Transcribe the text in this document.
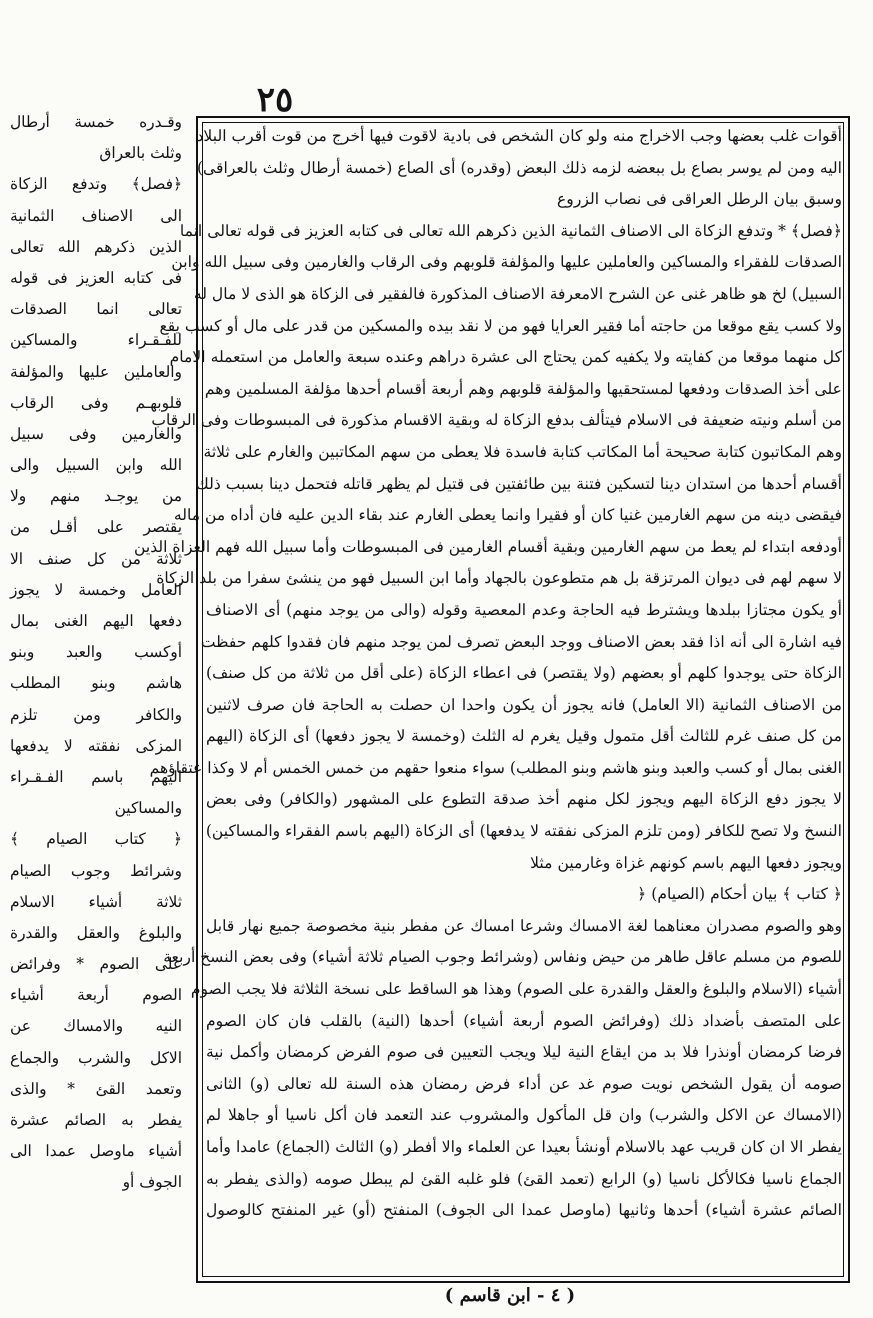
٢٥
أقوات غلب بعضها وجب الاخراج منه ولو كان الشخص فى بادية لاقوت فيها أخرج من قوت أقرب البلاد
اليه ومن لم يوسر بصاع بل ببعضه لزمه ذلك البعض (وقدره) أى الصاع (خمسة أرطال وثلث بالعراقى)
وسبق بيان الرطل العراقى فى نصاب الزروع
﴿فصل﴾ * وتدفع الزكاة الى الاصناف الثمانية الذين ذكرهم الله تعالى فى كتابه العزيز فى قوله تعالى انما
الصدقات للفقراء والمساكين والعاملين عليها والمؤلفة قلوبهم وفى الرقاب والغارمين وفى سبيل الله وابن
السبيل) لخ هو ظاهر غنى عن الشرح الامعرفة الاصناف المذكورة فالفقير فى الزكاة هو الذى لا مال له
ولا كسب يقع موقعا من حاجته أما فقير العرايا فهو من لا نقد بيده والمسكين من قدر على مال أو كسب يقع
كل منهما موقعا من كفايته ولا يكفيه كمن يحتاج الى عشرة دراهم وعنده سبعة والعامل من استعمله الامام
على أخذ الصدقات ودفعها لمستحقيها والمؤلفة قلوبهم وهم أربعة أقسام أحدها مؤلفة المسلمين وهم
من أسلم ونيته ضعيفة فى الاسلام فيتألف بدفع الزكاة له وبقية الاقسام مذكورة فى المبسوطات وفى الرقاب
وهم المكاتبون كتابة صحيحة أما المكاتب كتابة فاسدة فلا يعطى من سهم المكاتبين والغارم على ثلاثة
أقسام أحدها من استدان دينا لتسكين فتنة بين طائفتين فى قتيل لم يظهر قاتله فتحمل دينا بسبب ذلك
فيقضى دينه من سهم الغارمين غنيا كان أو فقيرا وانما يعطى الغارم عند بقاء الدين عليه فان أداه من ماله
أودفعه ابتداء لم يعط من سهم الغارمين وبقية أقسام الغارمين فى المبسوطات وأما سبيل الله فهم الغزاة الذين
لا سهم لهم فى ديوان المرتزقة بل هم متطوعون بالجهاد وأما ابن السبيل فهو من ينشئ سفرا من بلد الزكاة
أو يكون مجتازا ببلدها ويشترط فيه الحاجة وعدم المعصية وقوله (والى من يوجد منهم) أى الاصناف
فيه اشارة الى أنه اذا فقد بعض الاصناف ووجد البعض تصرف لمن يوجد منهم فان فقدوا كلهم حفظت
الزكاة حتى يوجدوا كلهم أو بعضهم (ولا يقتصر) فى اعطاء الزكاة (على أقل من ثلاثة من كل صنف)
من الاصناف الثمانية (الا العامل) فانه يجوز أن يكون واحدا ان حصلت به الحاجة فان صرف لاثنين
من كل صنف غرم للثالث أقل متمول وقيل يغرم له الثلث (وخمسة لا يجوز دفعها) أى الزكاة (اليهم
الغنى بمال أو كسب والعبد وبنو هاشم وبنو المطلب) سواء منعوا حقهم من خمس الخمس أم لا وكذا عتقاؤهم
لا يجوز دفع الزكاة اليهم ويجوز لكل منهم أخذ صدقة التطوع على المشهور (والكافر) وفى بعض
النسخ ولا تصح للكافر (ومن تلزم المزكى نفقته لا يدفعها) أى الزكاة (اليهم باسم الفقراء والمساكين)
ويجوز دفعها اليهم باسم كونهم غزاة وغارمين مثلا
﴿ كتاب ﴾ بيان أحكام (الصيام) ﴿
وهو والصوم مصدران معناهما لغة الامساك وشرعا امساك عن مفطر بنية مخصوصة جميع نهار قابل
للصوم من مسلم عاقل طاهر من حيض ونفاس (وشرائط وجوب الصيام ثلاثة أشياء) وفى بعض النسخ أربعة
أشياء (الاسلام والبلوغ والعقل والقدرة على الصوم) وهذا هو الساقط على نسخة الثلاثة فلا يجب الصوم
على المتصف بأضداد ذلك (وفرائض الصوم أربعة أشياء) أحدها (النية) بالقلب فان كان الصوم
فرضا كرمضان أونذرا فلا بد من ايقاع النية ليلا ويجب التعيين فى صوم الفرض كرمضان وأكمل نية
صومه أن يقول الشخص نويت صوم غد عن أداء فرض رمضان هذه السنة لله تعالى (و) الثانى
(الامساك عن الاكل والشرب) وان قل المأكول والمشروب عند التعمد فان أكل ناسيا أو جاهلا لم
يفطر الا ان كان قريب عهد بالاسلام أونشأ بعيدا عن العلماء والا أفطر (و) الثالث (الجماع) عامدا وأما
الجماع ناسيا فكالأكل ناسيا (و) الرابع (تعمد القئ) فلو غلبه القئ لم يبطل صومه (والذى يفطر به
الصائم عشرة أشياء) أحدها وثانيها (ماوصل عمدا الى الجوف) المنفتح (أو) غير المنفتح كالوصول
وقـدره خمسة أرطال
وثلث بالعراق
﴿فصل﴾ وتدفع الزكاة
الى الاصناف الثمانية
الذين ذكرهم الله تعالى
فى كتابه العزيز فى قوله
تعالى انما الصدقات
للفـقـراء والمساكين
والعاملين عليها والمؤلفة
قلوبهـم وفى الرقاب
والغارمين وفى سبيل
الله وابن السبيل والى
من يوجـد منهم ولا
يقتصر على أقـل من
ثلاثة من كل صنف الا
العامل وخمسة لا يجوز
دفعها اليهم الغنى بمال
أوكسب والعبد وبنو
هاشم وبنو المطلب
والكافر ومن تلزم
المزكى نفقته لا يدفعها
اليهم باسم الفـقـراء
والمساكين
﴿ كتاب الصيام ﴾
وشرائط وجوب الصيام
ثلاثة أشياء الاسلام
والبلوغ والعقل والقدرة
على الصوم * وفرائض
الصوم أربعة أشياء
النيه والامساك عن
الاكل والشرب والجماع
وتعمد القئ * والذى
يفطر به الصائم عشرة
أشياء ماوصل عمدا الى
الجوف أو
( ٤ - ابن قاسم )
